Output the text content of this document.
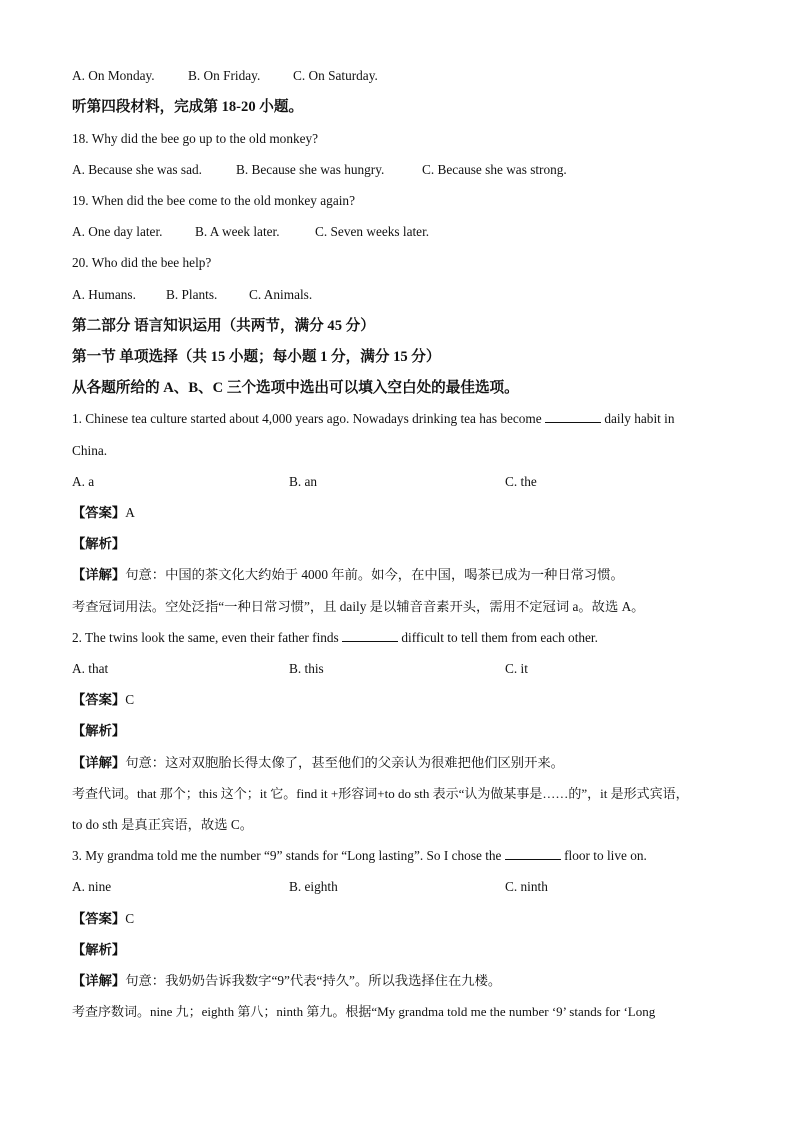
A. On Monday.	B. On Friday. C. On Saturday.
听第四段材料，完成第 18-20 小题。
18. Why did the bee go up to the old monkey?
A. Because she was sad.	B. Because she was hungry.	C. Because she was strong.
19. When did the bee come to the old monkey again?
A. One day later. B. A week later.	C. Seven weeks later.
20. Who did the bee help?
A. Humans. B. Plants. C. Animals.
第二部分 语言知识运用（共两节，满分 45 分）
第一节 单项选择（共 15 小题；每小题 1 分，满分 15 分）
从各题所给的 A、B、C 三个选项中选出可以填入空白处的最佳选项。
1. Chinese tea culture started about 4,000 years ago. Nowadays drinking tea has become	daily habit in
China.
A. a	B. an	C. the
【答案】A
【解析】
【详解】句意：中国的茶文化大约始于 4000 年前。如今，在中国，喝茶已成为一种日常习惯。
考查冠词用法。空处泛指“一种日常习惯”，且 daily 是以辅音音素开头，需用不定冠词 a。故选 A。
2. The twins look the same, even their father finds	difficult to tell them from each other.
A. that	B. this	C. it
【答案】C
【解析】
【详解】句意：这对双胞胎长得太像了，甚至他们的父亲认为很难把他们区别开来。
考查代词。that 那个；this 这个；it 它。find it +形容词+to do sth 表示“认为做某事是……的”，it 是形式宾语，
to do sth 是真正宾语，故选 C。
3. My grandma told me the number “9” stands for “Long lasting”. So I chose the	floor to live on.
A. nine	B. eighth	C. ninth
【答案】C
【解析】
【详解】句意：我奶奶告诉我数字“9”代表“持久”。所以我选择住在九楼。
考查序数词。nine 九；eighth 第八；ninth 第九。根据“My grandma told me the number ‘9’ stands for ‘Long
